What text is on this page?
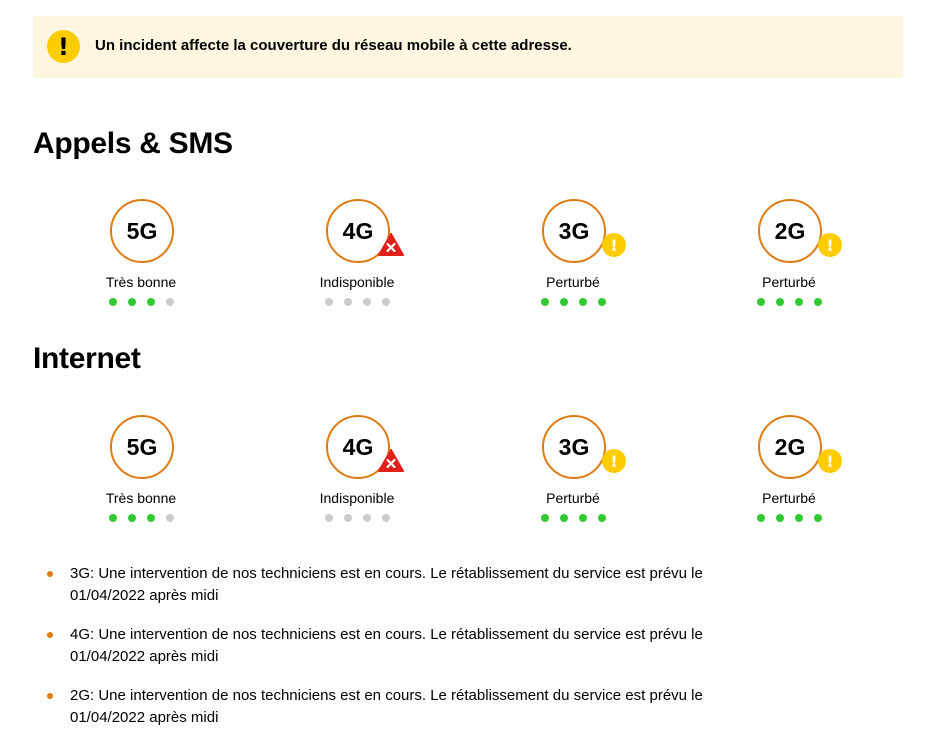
!	Un incident affecte la couverture du réseau mobile à cette adresse.
Appels & SMS
5G
Très bonne
4G
Indisponible
3G
!
Perturbé
2G
!
Perturbé
Internet
5G
Très bonne
4G
Indisponible
3G
!
Perturbé
2G
!
Perturbé
3G: Une intervention de nos techniciens est en cours. Le rétablissement du service est prévu le
01/04/2022 après midi
4G: Une intervention de nos techniciens est en cours. Le rétablissement du service est prévu le
01/04/2022 après midi
2G: Une intervention de nos techniciens est en cours. Le rétablissement du service est prévu le
01/04/2022 après midi
